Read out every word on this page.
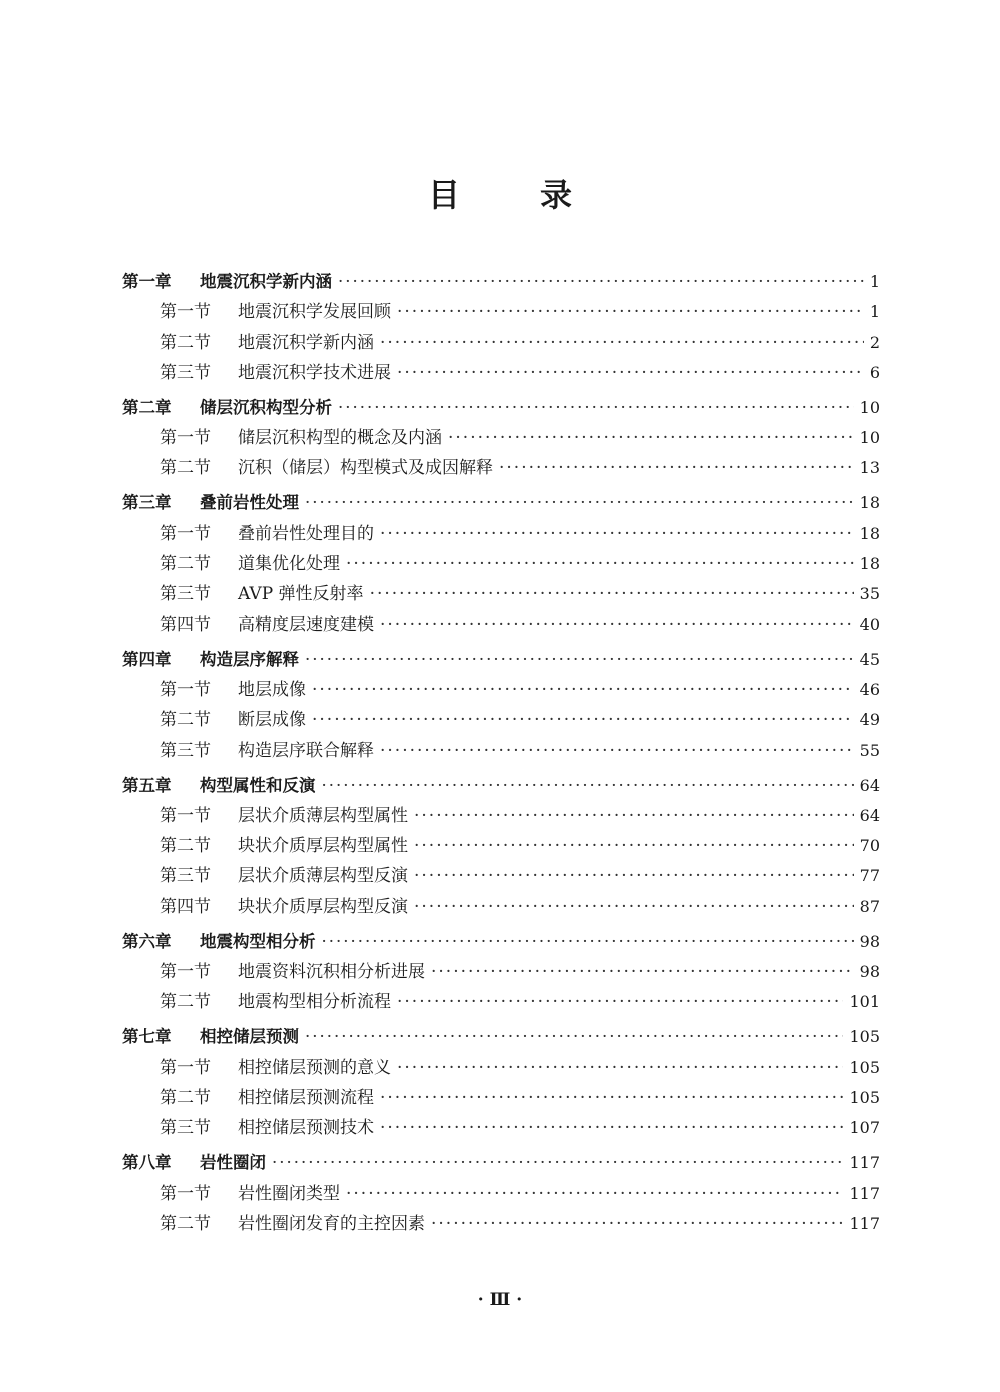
目	录
第一章	地震沉积学新内涵 ·····	1
第一节	地震沉积学发展回顾 ·····	1
第二节	地震沉积学新内涵 ·····	2
第三节	地震沉积学技术进展 ·····	6
第二章	储层沉积构型分析 ·····	10
第一节	储层沉积构型的概念及内涵 ·····	10
第二节	沉积（储层）构型模式及成因解释 ·····	13
第三章	叠前岩性处理 ·····	18
第一节	叠前岩性处理目的 ·····	18
第二节	道集优化处理 ·····	18
第三节	AVP 弹性反射率 ·····	35
第四节	高精度层速度建模 ·····	40
第四章	构造层序解释 ·····	45
第一节	地层成像 ·····	46
第二节	断层成像 ·····	49
第三节	构造层序联合解释 ·····	55
第五章	构型属性和反演 ·····	64
第一节	层状介质薄层构型属性 ·····	64
第二节	块状介质厚层构型属性 ·····	70
第三节	层状介质薄层构型反演 ·····	77
第四节	块状介质厚层构型反演 ·····	87
第六章	地震构型相分析 ·····	98
第一节	地震资料沉积相分析进展 ·····	98
第二节	地震构型相分析流程 ·····	101
第七章	相控储层预测 ·····	105
第一节	相控储层预测的意义 ·····	105
第二节	相控储层预测流程 ·····	105
第三节	相控储层预测技术 ·····	107
第八章	岩性圈闭 ·····	117
第一节	岩性圈闭类型 ·····	117
第二节	岩性圈闭发育的主控因素 ·····	117
· Ⅲ ·
